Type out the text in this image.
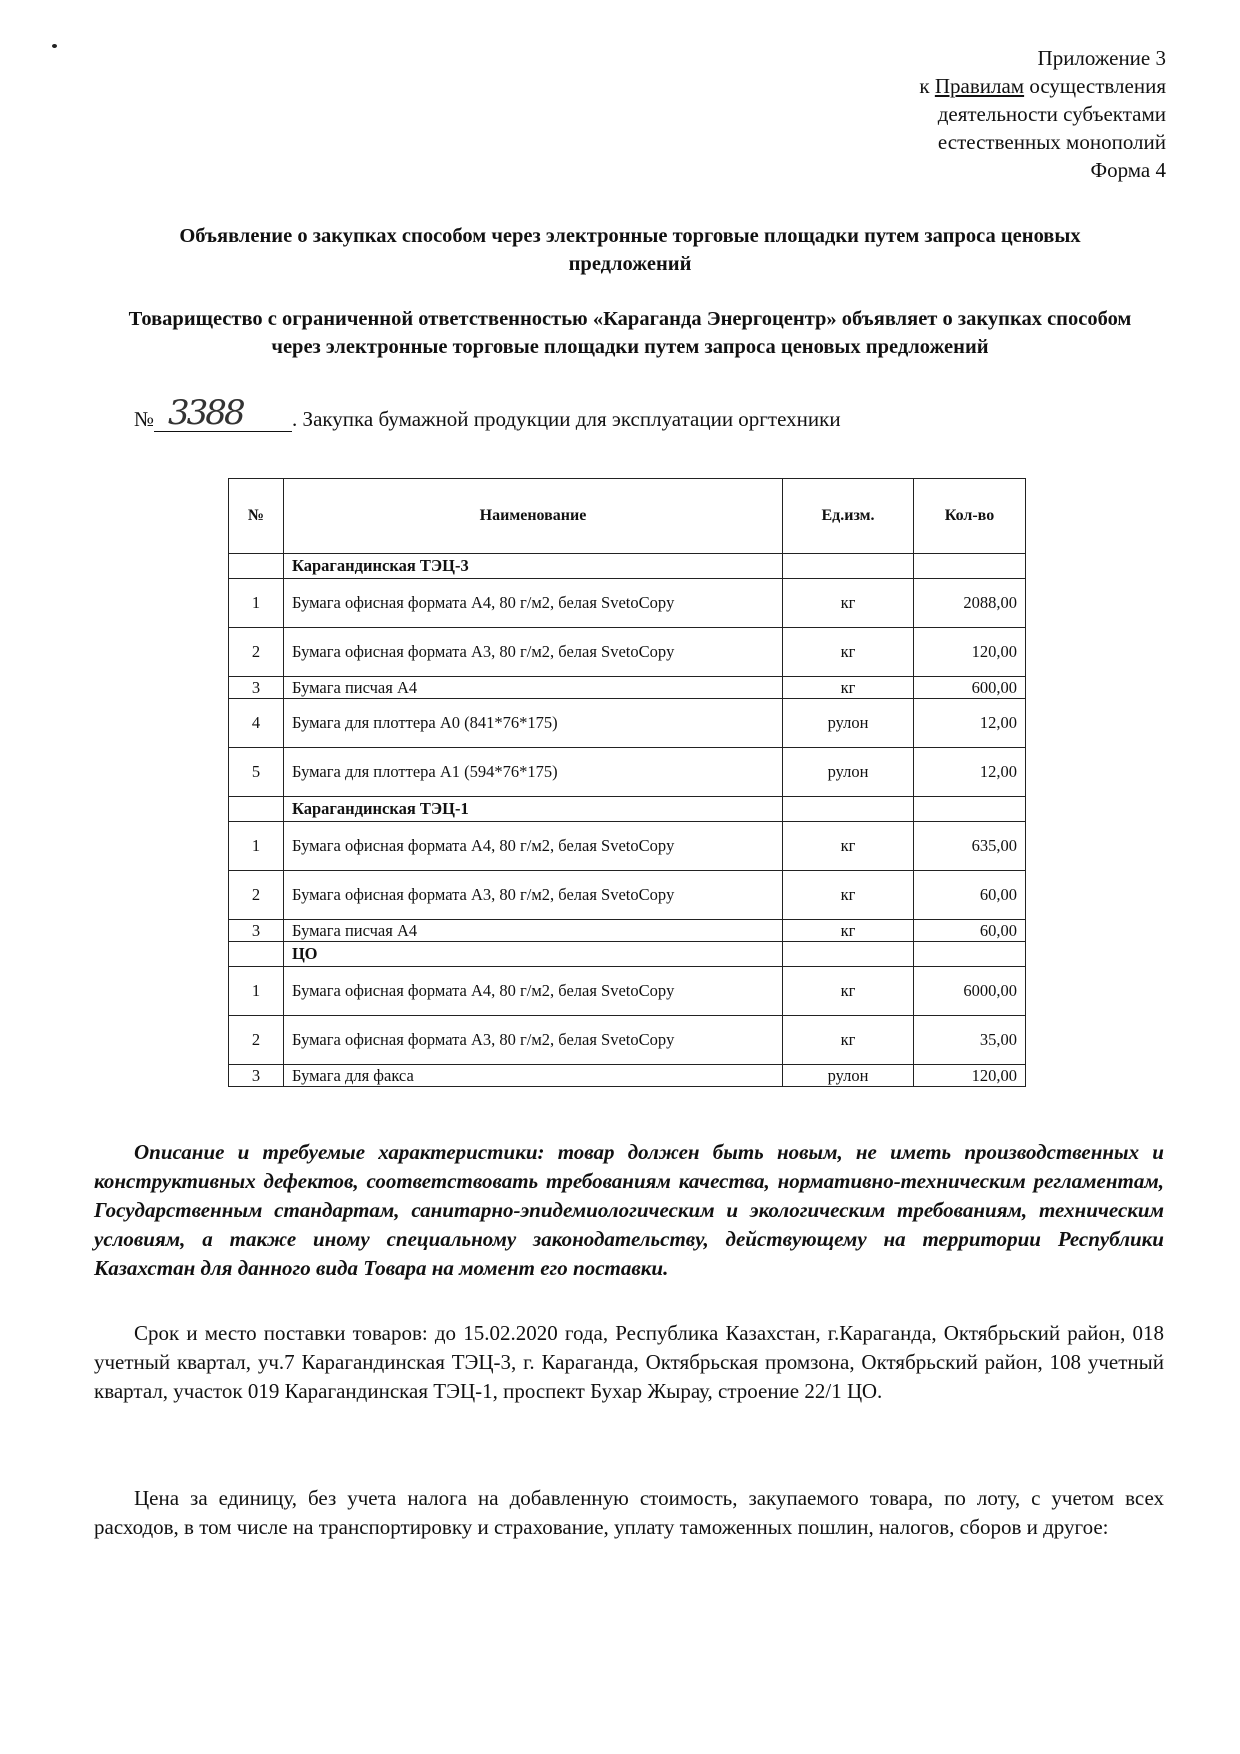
Приложение 3
к Правилам осуществления
деятельности субъектами
естественных монополий
Форма 4
Объявление о закупках способом через электронные торговые площадки путем запроса ценовых предложений
Товарищество с ограниченной ответственностью «Караганда Энергоцентр» объявляет о закупках способом через электронные торговые площадки путем запроса ценовых предложений
№ 3388 . Закупка бумажной продукции для эксплуатации оргтехники
№	Наименование	Ед.изм.	Кол-во
	Карагандинская ТЭЦ-3		
1	Бумага офисная формата А4, 80 г/м2, белая SvetoCopy	кг	2088,00
2	Бумага офисная формата А3, 80 г/м2, белая SvetoCopy	кг	120,00
3	Бумага писчая А4	кг	600,00
4	Бумага для плоттера А0 (841*76*175)	рулон	12,00
5	Бумага для плоттера А1 (594*76*175)	рулон	12,00
	Карагандинская ТЭЦ-1		
1	Бумага офисная формата А4, 80 г/м2, белая SvetoCopy	кг	635,00
2	Бумага офисная формата А3, 80 г/м2, белая SvetoCopy	кг	60,00
3	Бумага писчая А4	кг	60,00
	ЦО		
1	Бумага офисная формата А4, 80 г/м2, белая SvetoCopy	кг	6000,00
2	Бумага офисная формата А3, 80 г/м2, белая SvetoCopy	кг	35,00
3	Бумага для факса	рулон	120,00
Описание и требуемые характеристики: товар должен быть новым, не иметь производственных и конструктивных дефектов, соответствовать требованиям качества, нормативно-техническим регламентам, Государственным стандартам, санитарно-эпидемиологическим и экологическим требованиям, техническим условиям, а также иному специальному законодательству, действующему на территории Республики Казахстан для данного вида Товара на момент его поставки.
Срок и место поставки товаров: до 15.02.2020 года, Республика Казахстан, г.Караганда, Октябрьский район, 018 учетный квартал, уч.7 Карагандинская ТЭЦ-3, г. Караганда, Октябрьская промзона, Октябрьский район, 108 учетный квартал, участок 019 Карагандинская ТЭЦ-1, проспект Бухар Жырау, строение 22/1 ЦО.
Цена за единицу, без учета налога на добавленную стоимость, закупаемого товара, по лоту, с учетом всех расходов, в том числе на транспортировку и страхование, уплату таможенных пошлин, налогов, сборов и другое:
